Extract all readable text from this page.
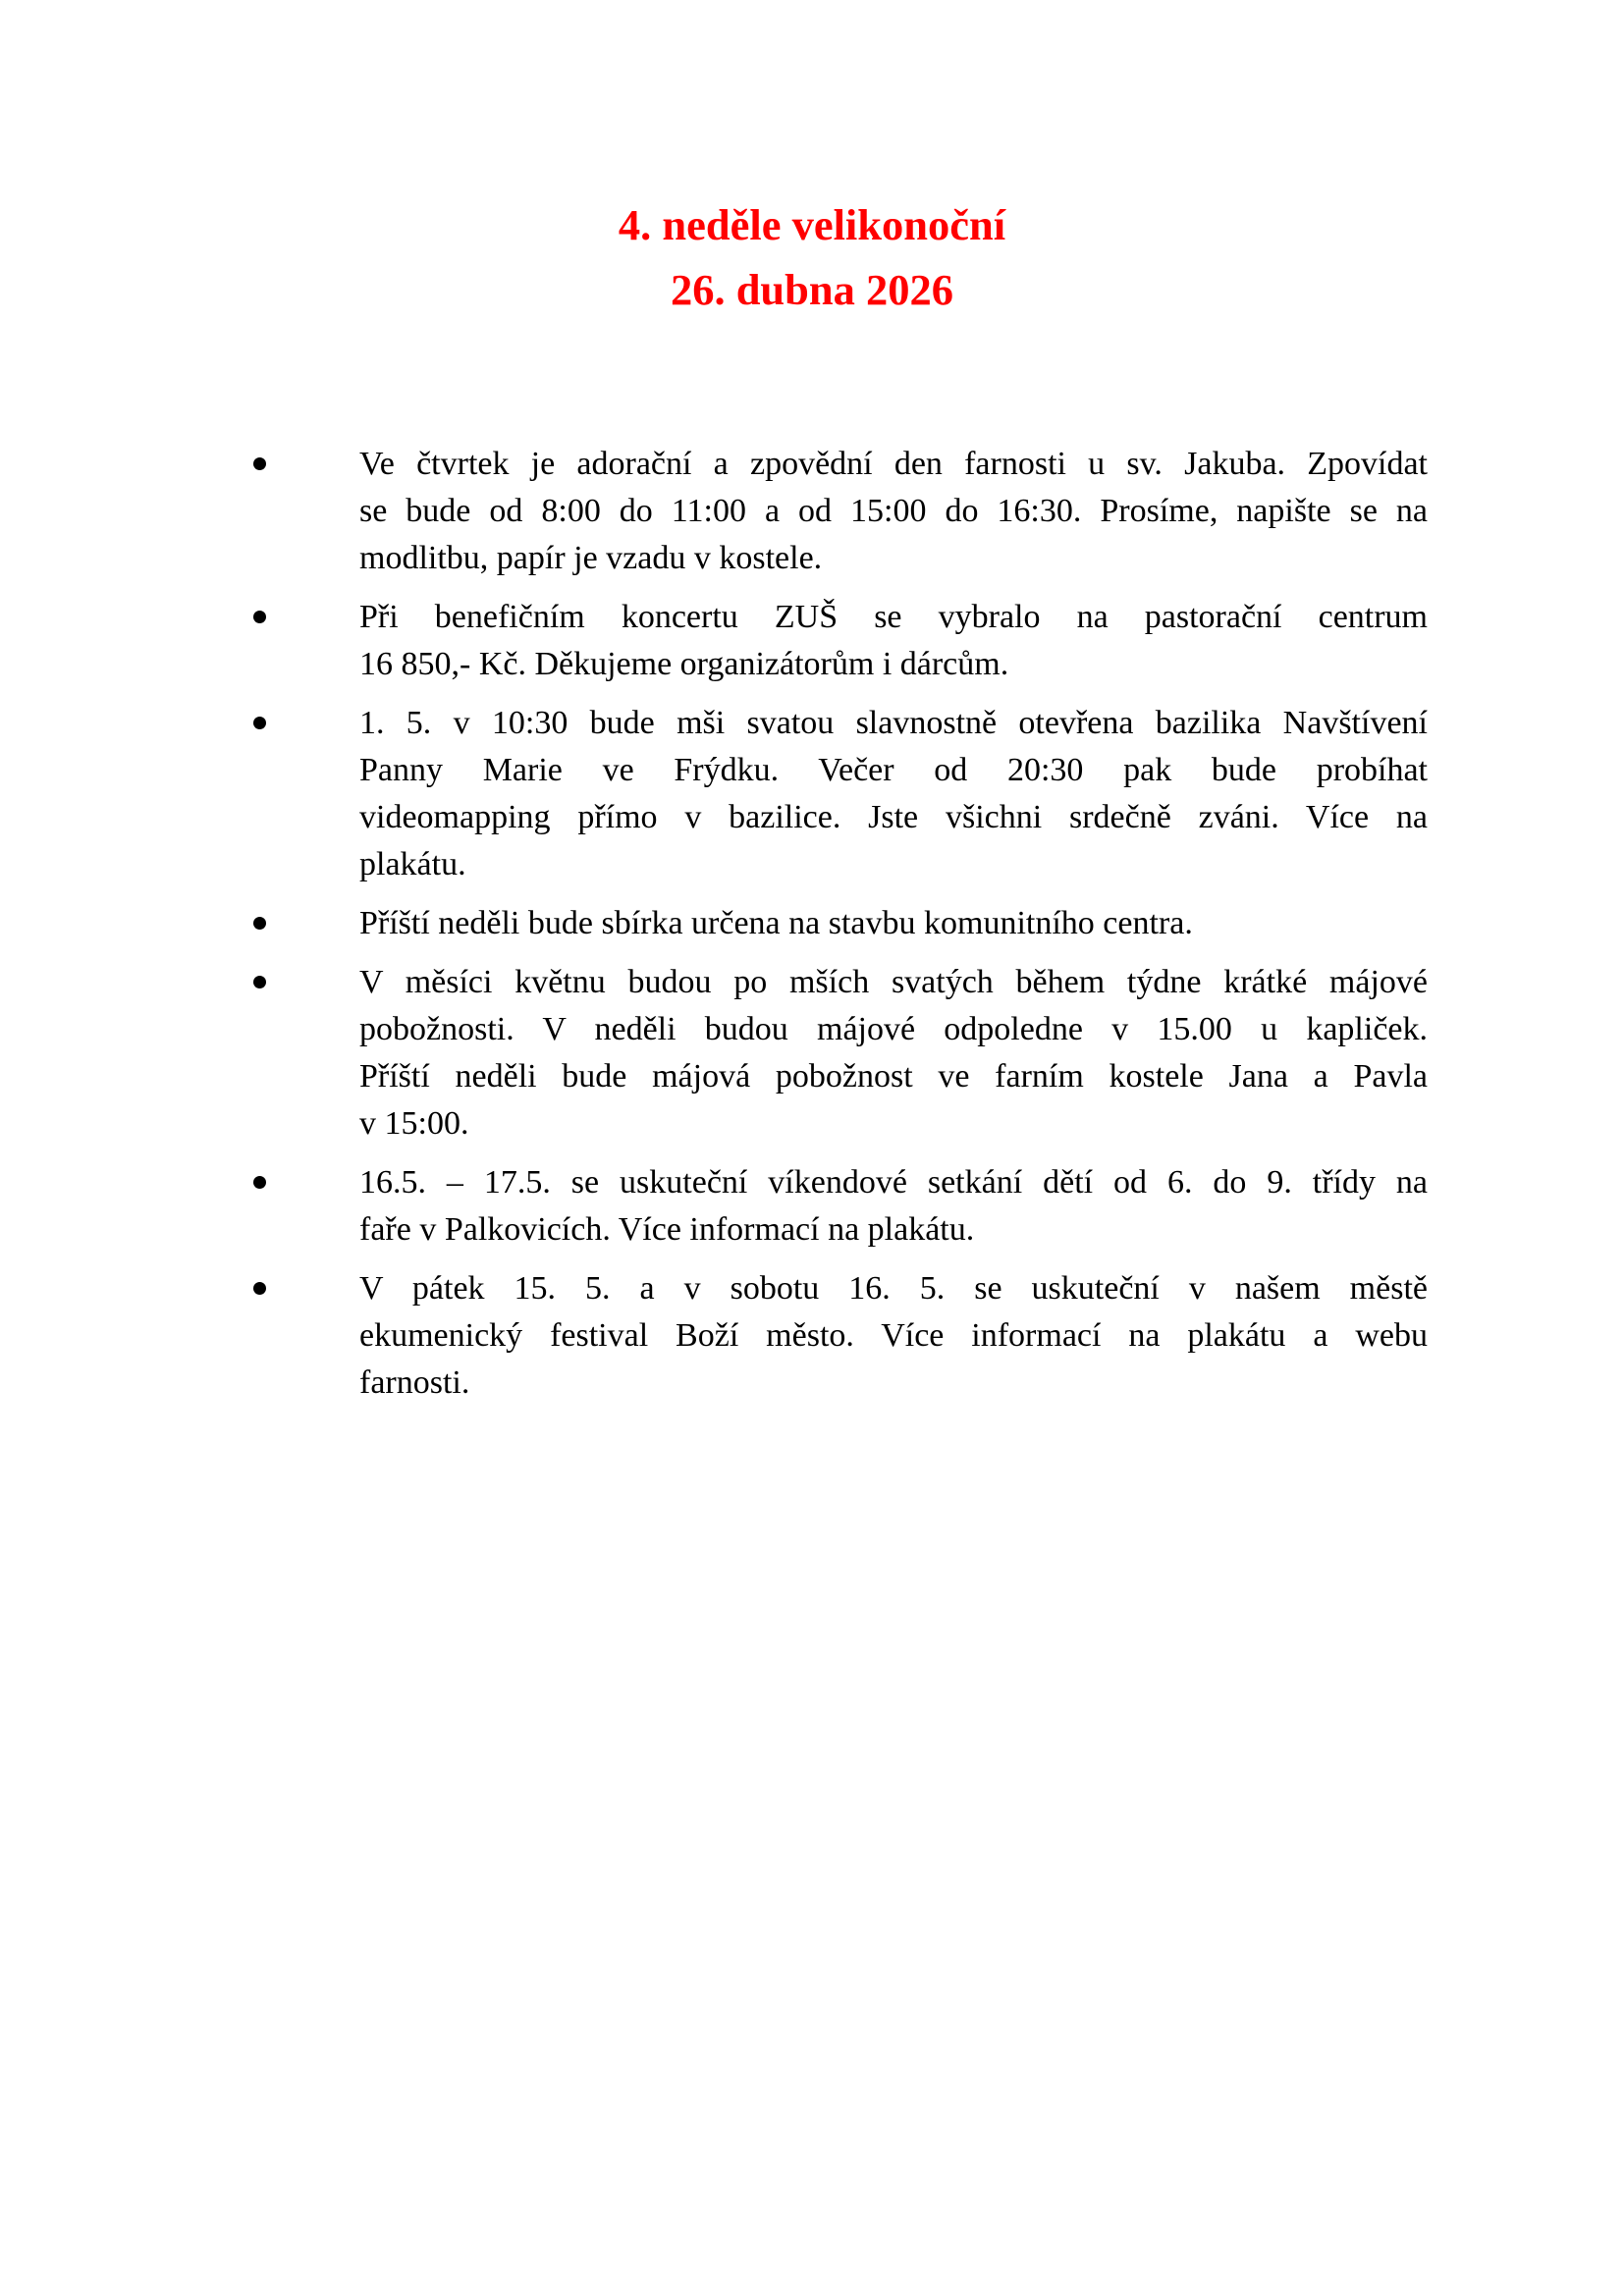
4. neděle velikonoční
26. dubna 2026
Ve čtvrtek je adorační a zpovědní den farnosti u sv. Jakuba. Zpovídat
se bude od 8:00 do 11:00 a od 15:00 do 16:30. Prosíme, napište se na
modlitbu, papír je vzadu v kostele.
Při benefičním koncertu ZUŠ se vybralo na pastorační centrum
16 850,- Kč. Děkujeme organizátorům i dárcům.
1. 5. v 10:30 bude mši svatou slavnostně otevřena bazilika Navštívení
Panny Marie ve Frýdku. Večer od 20:30 pak bude probíhat
videomapping přímo v bazilice. Jste všichni srdečně zváni. Více na
plakátu.
Příští neděli bude sbírka určena na stavbu komunitního centra.
V měsíci květnu budou po mších svatých během týdne krátké májové
pobožnosti. V neděli budou májové odpoledne v 15.00 u kapliček.
Příští neděli bude májová pobožnost ve farním kostele Jana a Pavla
v 15:00.
16.5. – 17.5. se uskuteční víkendové setkání dětí od 6. do 9. třídy na
faře v Palkovicích. Více informací na plakátu.
V pátek 15. 5. a v sobotu 16. 5. se uskuteční v našem městě
ekumenický festival Boží město. Více informací na plakátu a webu
farnosti.
